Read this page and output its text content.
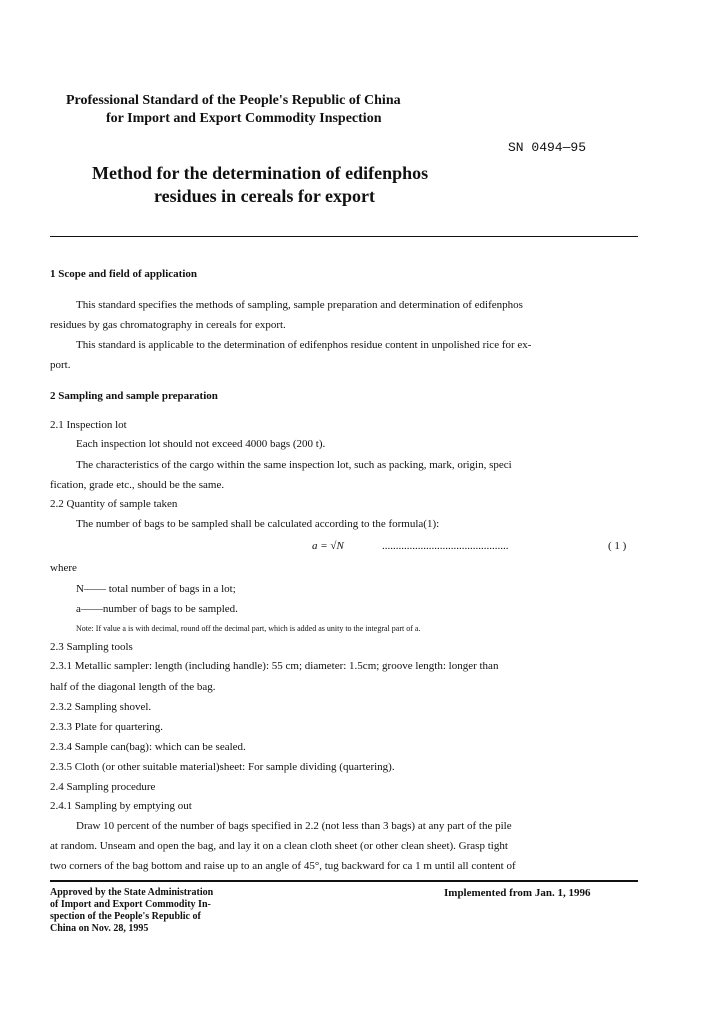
Professional Standard of the People's Republic of China
for Import and Export Commodity Inspection
SN 0494—95
Method for the determination of edifenphos
residues in cereals for export
1 Scope and field of application
This standard specifies the methods of sampling, sample preparation and determination of edifenphos
residues by gas chromatography in cereals for export.
This standard is applicable to the determination of edifenphos residue content in unpolished rice for ex-
port.
2 Sampling and sample preparation
2.1 Inspection lot
Each inspection lot should not exceed 4000 bags (200 t).
The characteristics of the cargo within the same inspection lot, such as packing, mark, origin, speci
fication, grade etc., should be the same.
2.2 Quantity of sample taken
The number of bags to be sampled shall be calculated according to the formula(1):
a = √N	..............................................	( 1 )
where
N—— total number of bags in a lot;
a——number of bags to be sampled.
Note: If value a is with decimal, round off the decimal part, which is added as unity to the integral part of a.
2.3 Sampling tools
2.3.1 Metallic sampler: length (including handle): 55 cm; diameter: 1.5cm; groove length: longer than
half of the diagonal length of the bag.
2.3.2 Sampling shovel.
2.3.3 Plate for quartering.
2.3.4 Sample can(bag): which can be sealed.
2.3.5 Cloth (or other suitable material)sheet: For sample dividing (quartering).
2.4 Sampling procedure
2.4.1 Sampling by emptying out
Draw 10 percent of the number of bags specified in 2.2 (not less than 3 bags) at any part of the pile
at random. Unseam and open the bag, and lay it on a clean cloth sheet (or other clean sheet). Grasp tight
two corners of the bag bottom and raise up to an angle of 45°, tug backward for ca 1 m until all content of
Approved by the State Administration
of Import and Export Commodity In-
spection of the People's Republic of
China on Nov. 28, 1995
Implemented from Jan. 1, 1996
